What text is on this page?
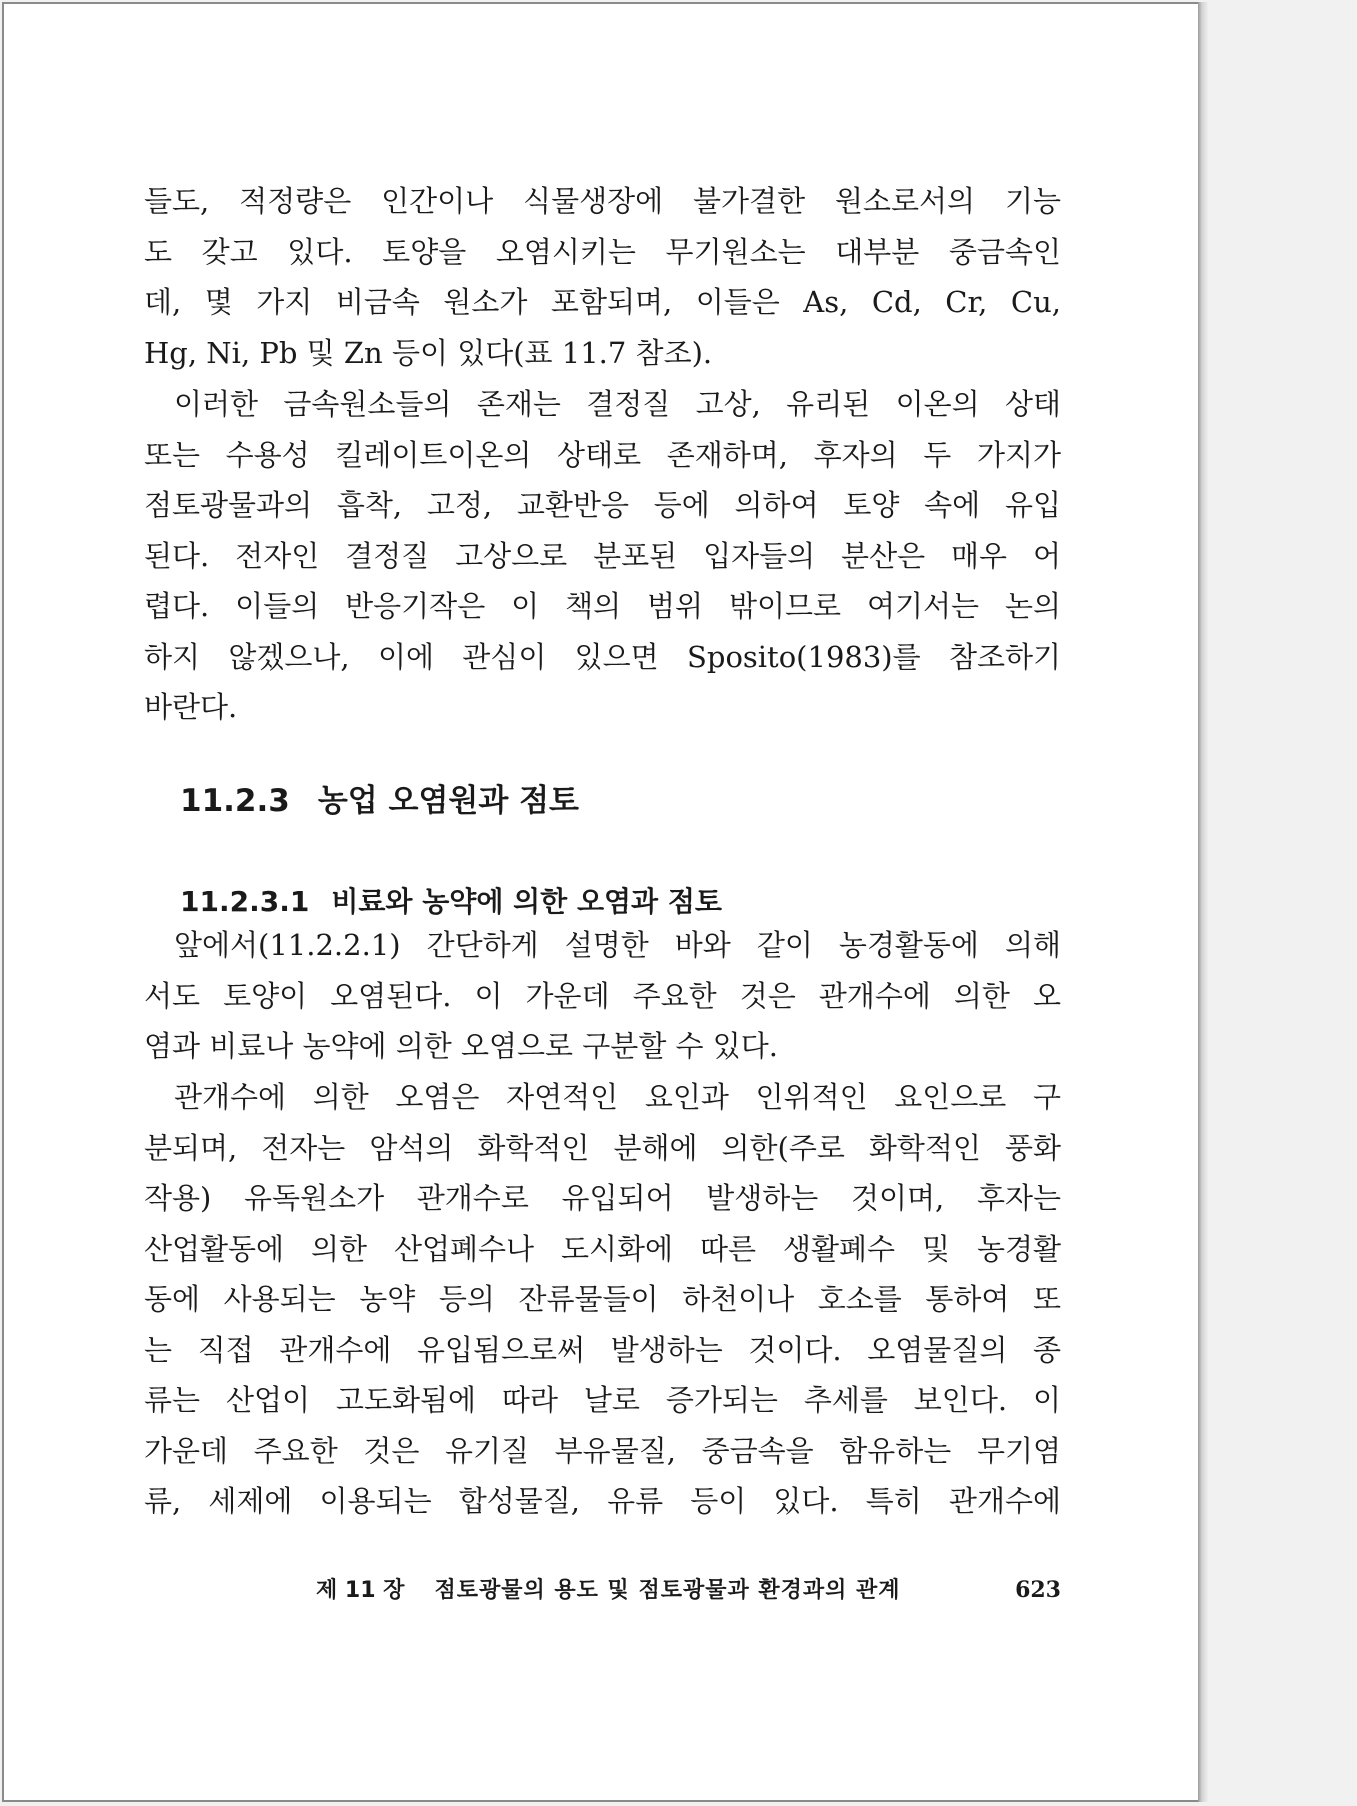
들도, 적정량은 인간이나 식물생장에 불가결한 원소로서의 기능
도 갖고 있다. 토양을 오염시키는 무기원소는 대부분 중금속인
데, 몇 가지 비금속 원소가 포함되며, 이들은 As, Cd, Cr, Cu,
Hg, Ni, Pb 및 Zn 등이 있다(표 11.7 참조).

이러한 금속원소들의 존재는 결정질 고상, 유리된 이온의 상태
또는 수용성 킬레이트이온의 상태로 존재하며, 후자의 두 가지가
점토광물과의 흡착, 고정, 교환반응 등에 의하여 토양 속에 유입
된다. 전자인 결정질 고상으로 분포된 입자들의 분산은 매우 어
렵다. 이들의 반응기작은 이 책의 범위 밖이므로 여기서는 논의
하지 않겠으나, 이에 관심이 있으면 Sposito(1983)를 참조하기
바란다.

11.2.3 농업 오염원과 점토
11.2.3.1 비료와 농약에 의한 오염과 점토

앞에서(11.2.2.1) 간단하게 설명한 바와 같이 농경활동에 의해
서도 토양이 오염된다. 이 가운데 주요한 것은 관개수에 의한 오
염과 비료나 농약에 의한 오염으로 구분할 수 있다.

관개수에 의한 오염은 자연적인 요인과 인위적인 요인으로 구
분되며, 전자는 암석의 화학적인 분해에 의한(주로 화학적인 풍화
작용) 유독원소가 관개수로 유입되어 발생하는 것이며, 후자는
산업활동에 의한 산업폐수나 도시화에 따른 생활폐수 및 농경활
동에 사용되는 농약 등의 잔류물들이 하천이나 호소를 통하여 또
는 직접 관개수에 유입됨으로써 발생하는 것이다. 오염물질의 종
류는 산업이 고도화됨에 따라 날로 증가되는 추세를 보인다. 이
가운데 주요한 것은 유기질 부유물질, 중금속을 함유하는 무기염
류, 세제에 이용되는 합성물질, 유류 등이 있다. 특히 관개수에

제 11 장 점토광물의 용도 및 점토광물과 환경과의 관계	623
